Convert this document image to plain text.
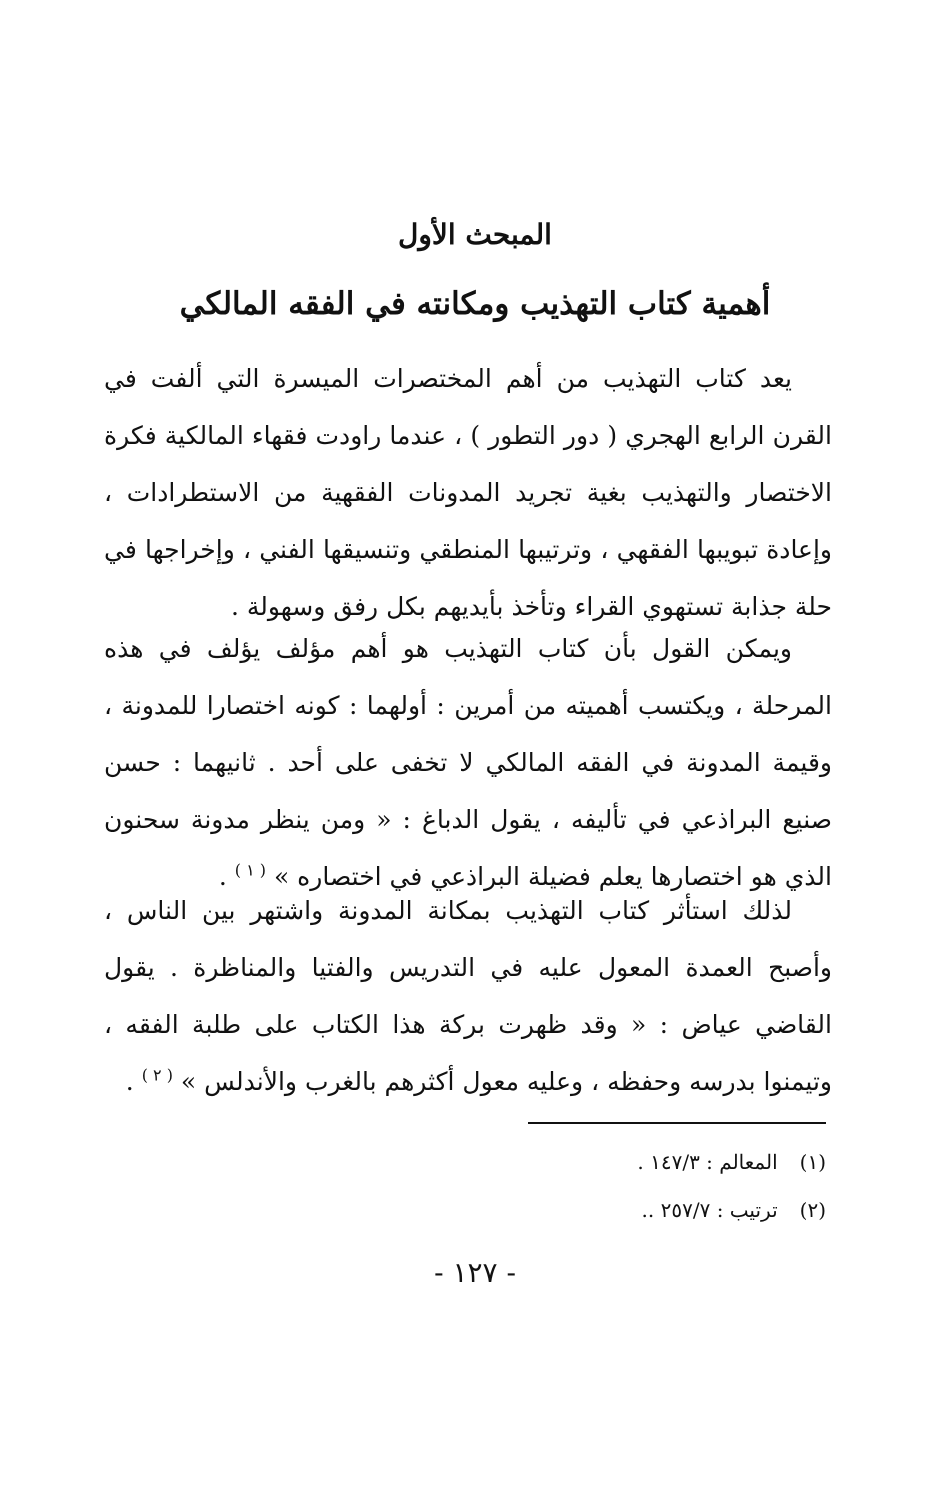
المبحث الأول
أهمية كتاب التهذيب ومكانته في الفقه المالكي

يعد كتاب التهذيب من أهم المختصرات الميسرة التي ألفت في القرن الرابع الهجري ( دور التطور ) ، عندما راودت فقهاء المالكية فكرة الاختصار والتهذيب بغية تجريد المدونات الفقهية من الاستطرادات ، وإعادة تبويبها الفقهي ، وترتيبها المنطقي وتنسيقها الفني ، وإخراجها في حلة جذابة تستهوي القراء وتأخذ بأيديهم بكل رفق وسهولة .

ويمكن القول بأن كتاب التهذيب هو أهم مؤلف يؤلف في هذه المرحلة ، ويكتسب أهميته من أمرين : أولهما : كونه اختصارا للمدونة ، وقيمة المدونة في الفقه المالكي لا تخفى على أحد . ثانيهما : حسن صنيع البراذعي في تأليفه ، يقول الدباغ : « ومن ينظر مدونة سحنون الذي هو اختصارها يعلم فضيلة البراذعي في اختصاره » $^{( ١ )}$ .

لذلك استأثر كتاب التهذيب بمكانة المدونة واشتهر بين الناس ، وأصبح العمدة المعول عليه في التدريس والفتيا والمناظرة . يقول القاضي عياض : « وقد ظهرت بركة هذا الكتاب على طلبة الفقه ، وتيمنوا بدرسه وحفظه ، وعليه معول أكثرهم بالغرب والأندلس » $^{( ٢ )}$ .

(١) المعالم : ١٤٧/٣ .

(٢) ترتيب : ٢٥٧/٧ ..

- ١٢٧ -
